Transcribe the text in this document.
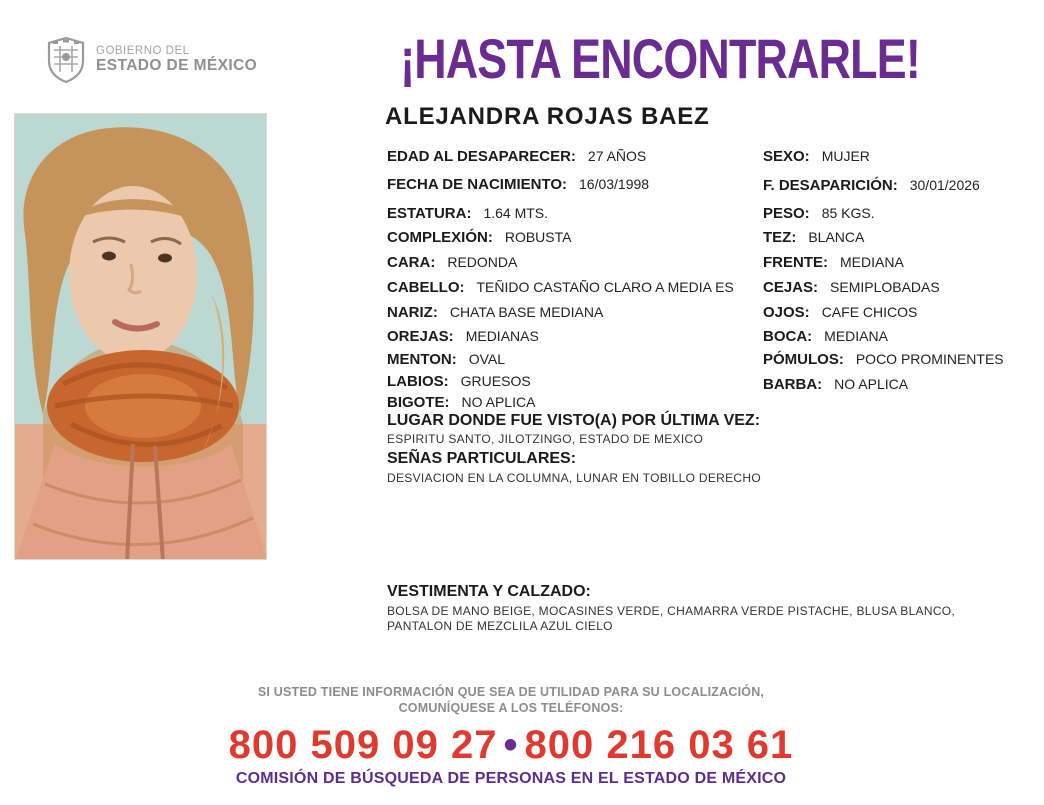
GOBIERNO DEL
ESTADO DE MÉXICO	¡HASTA ENCONTRARLE!
ALEJANDRA ROJAS BAEZ
EDAD AL DESAPARECER: 27 AÑOS
FECHA DE NACIMIENTO: 16/03/1998
ESTATURA: 1.64 MTS.
COMPLEXIÓN: ROBUSTA
CARA: REDONDA
CABELLO: TEÑIDO CASTAÑO CLARO A MEDIA ES
NARIZ: CHATA BASE MEDIANA
OREJAS: MEDIANAS
MENTON: OVAL
LABIOS: GRUESOS
BIGOTE: NO APLICA
SEXO: MUJER
F. DESAPARICIÓN: 30/01/2026
PESO: 85 KGS.
TEZ: BLANCA
FRENTE: MEDIANA
CEJAS: SEMIPLOBADAS
OJOS: CAFE CHICOS
BOCA: MEDIANA
PÓMULOS: POCO PROMINENTES
BARBA: NO APLICA
LUGAR DONDE FUE VISTO(A) POR ÚLTIMA VEZ:
ESPIRITU SANTO, JILOTZINGO, ESTADO DE MEXICO
SEÑAS PARTICULARES:
DESVIACION EN LA COLUMNA, LUNAR EN TOBILLO DERECHO
VESTIMENTA Y CALZADO:
BOLSA DE MANO BEIGE, MOCASINES VERDE, CHAMARRA VERDE PISTACHE, BLUSA BLANCO, PANTALON DE MEZCLILA AZUL CIELO
SI USTED TIENE INFORMACIÓN QUE SEA DE UTILIDAD PARA SU LOCALIZACIÓN,
COMUNÍQUESE A LOS TELÉFONOS:
800 509 09 27 • 800 216 03 61
COMISIÓN DE BÚSQUEDA DE PERSONAS EN EL ESTADO DE MÉXICO
